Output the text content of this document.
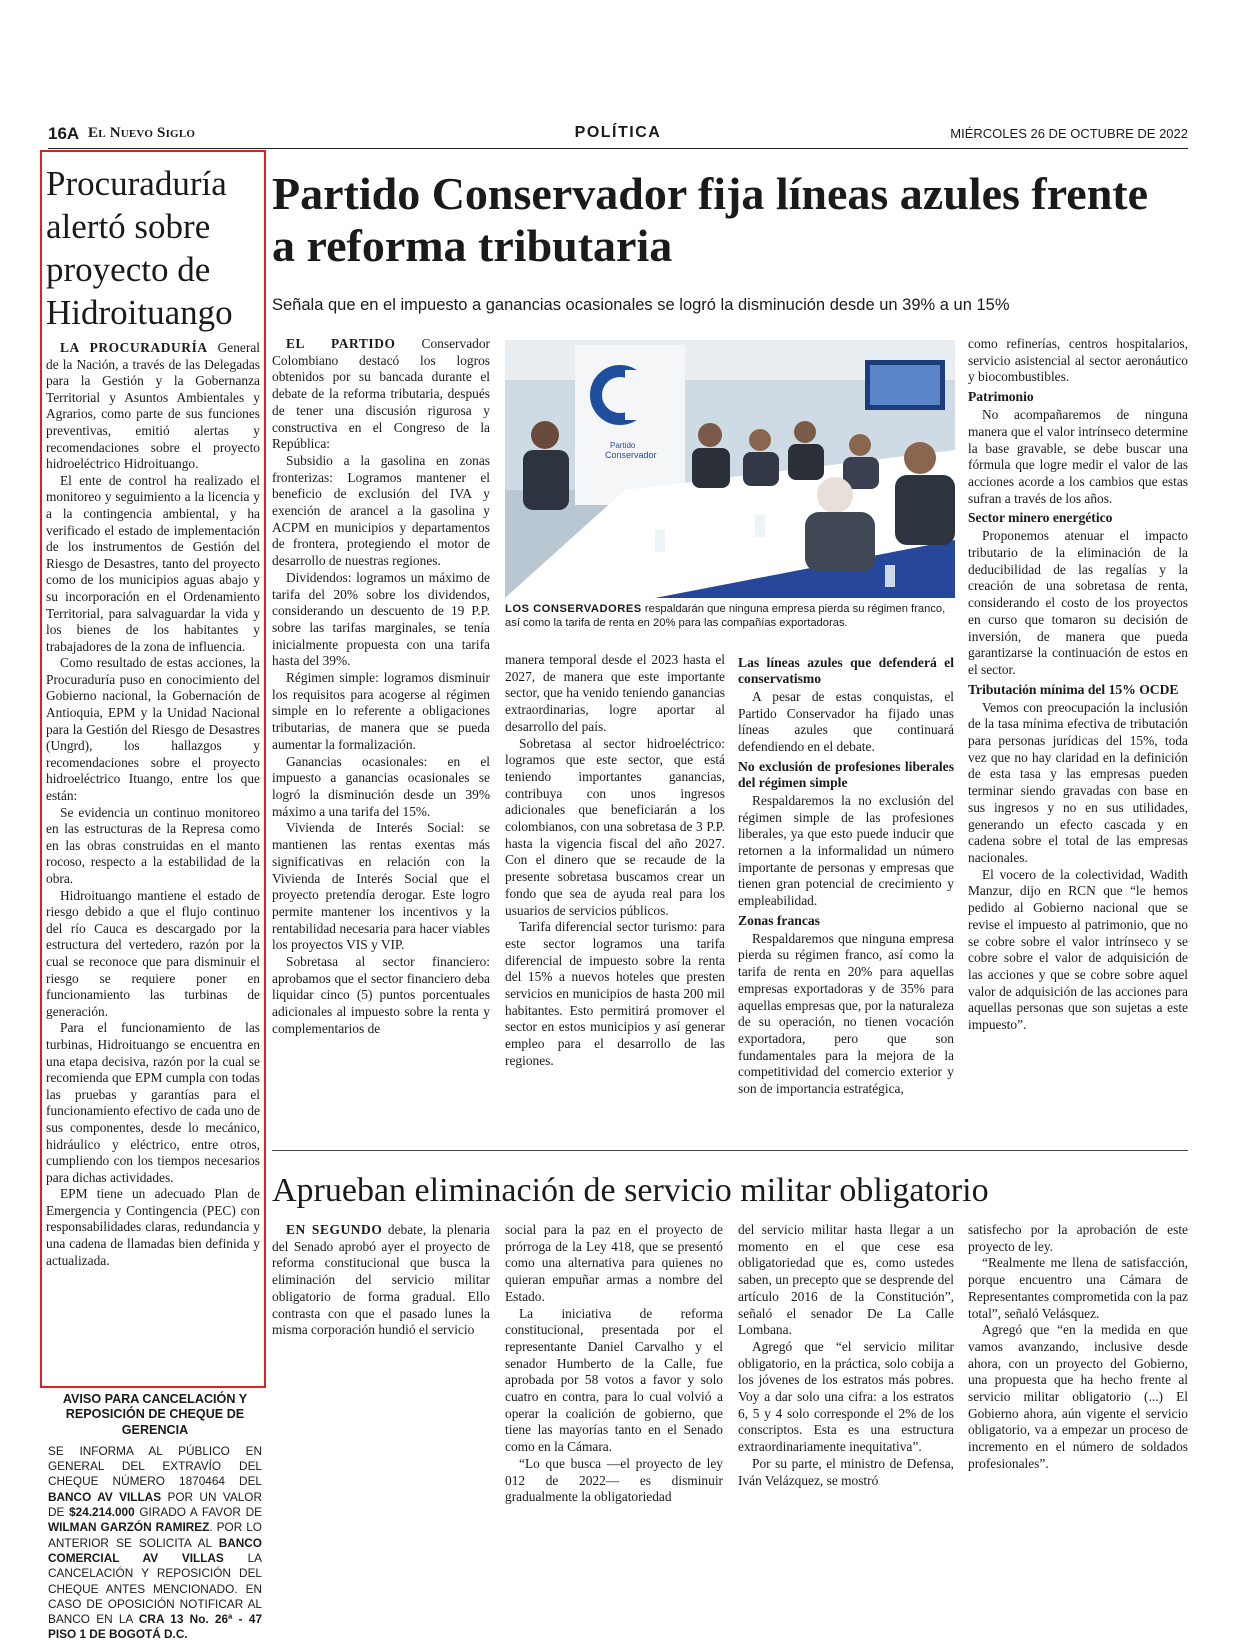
16A El Nuevo Siglo	POLÍTICA	MIÉRCOLES 26 DE OCTUBRE DE 2022
Procuraduría alertó sobre proyecto de Hidroituango

LA PROCURADURÍA General de la Nación, a través de las Delegadas para la Gestión y la Gobernanza Territorial y Asuntos Ambientales y Agrarios, como parte de sus funciones preventivas, emitió alertas y recomendaciones sobre el proyecto hidroeléctrico Hidroituango.

El ente de control ha realizado el monitoreo y seguimiento a la licencia y a la contingencia ambiental, y ha verificado el estado de implementación de los instrumentos de Gestión del Riesgo de Desastres, tanto del proyecto como de los municipios aguas abajo y su incorporación en el Ordenamiento Territorial, para salvaguardar la vida y los bienes de los habitantes y trabajadores de la zona de influencia.

Como resultado de estas acciones, la Procuraduría puso en conocimiento del Gobierno nacional, la Gobernación de Antioquia, EPM y la Unidad Nacional para la Gestión del Riesgo de Desastres (Ungrd), los hallazgos y recomendaciones sobre el proyecto hidroeléctrico Ituango, entre los que están:

Se evidencia un continuo monitoreo en las estructuras de la Represa como en las obras construidas en el manto rocoso, respecto a la estabilidad de la obra.

Hidroituango mantiene el estado de riesgo debido a que el flujo continuo del río Cauca es descargado por la estructura del vertedero, razón por la cual se reconoce que para disminuir el riesgo se requiere poner en funcionamiento las turbinas de generación.

Para el funcionamiento de las turbinas, Hidroituango se encuentra en una etapa decisiva, razón por la cual se recomienda que EPM cumpla con todas las pruebas y garantías para el funcionamiento efectivo de cada uno de sus componentes, desde lo mecánico, hidráulico y eléctrico, entre otros, cumpliendo con los tiempos necesarios para dichas actividades.

EPM tiene un adecuado Plan de Emergencia y Contingencia (PEC) con responsabilidades claras, redundancia y una cadena de llamadas bien definida y actualizada.

Partido Conservador fija líneas azules frente a reforma tributaria
Señala que en el impuesto a ganancias ocasionales se logró la disminución desde un 39% a un 15%

EL PARTIDO Conservador Colombiano destacó los logros obtenidos por su bancada durante el debate de la reforma tributaria, después de tener una discusión rigurosa y constructiva en el Congreso de la República:

Subsidio a la gasolina en zonas fronterizas: Logramos mantener el beneficio de exclusión del IVA y exención de arancel a la gasolina y ACPM en municipios y departamentos de frontera, protegiendo el motor de desarrollo de nuestras regiones.

Dividendos: logramos un máximo de tarifa del 20% sobre los dividendos, considerando un descuento de 19 P.P. sobre las tarifas marginales, se tenía inicialmente propuesta con una tarifa hasta del 39%.

Régimen simple: logramos disminuir los requisitos para acogerse al régimen simple en lo referente a obligaciones tributarias, de manera que se pueda aumentar la formalización.

Ganancias ocasionales: en el impuesto a ganancias ocasionales se logró la disminución desde un 39% máximo a una tarifa del 15%.

Vivienda de Interés Social: se mantienen las rentas exentas más significativas en relación con la Vivienda de Interés Social que el proyecto pretendía derogar. Este logro permite mantener los incentivos y la rentabilidad necesaria para hacer viables los proyectos VIS y VIP.

Sobretasa al sector financiero: aprobamos que el sector financiero deba liquidar cinco (5) puntos porcentuales adicionales al impuesto sobre la renta y complementarios de

Partido
Conservador
LOS CONSERVADORES respaldarán que ninguna empresa pierda su régimen franco, así como la tarifa de renta en 20% para las compañías exportadoras.

manera temporal desde el 2023 hasta el 2027, de manera que este importante sector, que ha venido teniendo ganancias extraordinarias, logre aportar al desarrollo del país.

Sobretasa al sector hidroeléctrico: logramos que este sector, que está teniendo importantes ganancias, contribuya con unos ingresos adicionales que beneficiarán a los colombianos, con una sobretasa de 3 P.P. hasta la vigencia fiscal del año 2027. Con el dinero que se recaude de la presente sobretasa buscamos crear un fondo que sea de ayuda real para los usuarios de servicios públicos.

Tarifa diferencial sector turismo: para este sector logramos una tarifa diferencial de impuesto sobre la renta del 15% a nuevos hoteles que presten servicios en municipios de hasta 200 mil habitantes. Esto permitirá promover el sector en estos municipios y así generar empleo para el desarrollo de las regiones.

Las líneas azules que defenderá el conservatismo

A pesar de estas conquistas, el Partido Conservador ha fijado unas líneas azules que continuará defendiendo en el debate.

No exclusión de profesiones liberales del régimen simple

Respaldaremos la no exclusión del régimen simple de las profesiones liberales, ya que esto puede inducir que retornen a la informalidad un número importante de personas y empresas que tienen gran potencial de crecimiento y empleabilidad.

Zonas francas

Respaldaremos que ninguna empresa pierda su régimen franco, así como la tarifa de renta en 20% para aquellas empresas exportadoras y de 35% para aquellas empresas que, por la naturaleza de su operación, no tienen vocación exportadora, pero que son fundamentales para la mejora de la competitividad del comercio exterior y son de importancia estratégica,

como refinerías, centros hospitalarios, servicio asistencial al sector aeronáutico y biocombustibles.

Patrimonio

No acompañaremos de ninguna manera que el valor intrínseco determine la base gravable, se debe buscar una fórmula que logre medir el valor de las acciones acorde a los cambios que estas sufran a través de los años.

Sector minero energético

Proponemos atenuar el impacto tributario de la eliminación de la deducibilidad de las regalías y la creación de una sobretasa de renta, considerando el costo de los proyectos en curso que tomaron su decisión de inversión, de manera que pueda garantizarse la continuación de estos en el sector.

Tributación mínima del 15% OCDE

Vemos con preocupación la inclusión de la tasa mínima efectiva de tributación para personas jurídicas del 15%, toda vez que no hay claridad en la definición de esta tasa y las empresas pueden terminar siendo gravadas con base en sus ingresos y no en sus utilidades, generando un efecto cascada y en cadena sobre el total de las empresas nacionales.

El vocero de la colectividad, Wadith Manzur, dijo en RCN que “le hemos pedido al Gobierno nacional que se revise el impuesto al patrimonio, que no se cobre sobre el valor intrínseco y se cobre sobre el valor de adquisición de las acciones y que se cobre sobre aquel valor de adquisición de las acciones para aquellas personas que son sujetas a este impuesto”.

Aprueban eliminación de servicio militar obligatorio

EN SEGUNDO debate, la plenaria del Senado aprobó ayer el proyecto de reforma constitucional que busca la eliminación del servicio militar obligatorio de forma gradual. Ello contrasta con que el pasado lunes la misma corporación hundió el servicio

social para la paz en el proyecto de prórroga de la Ley 418, que se presentó como una alternativa para quienes no quieran empuñar armas a nombre del Estado.

La iniciativa de reforma constitucional, presentada por el representante Daniel Carvalho y el senador Humberto de la Calle, fue aprobada por 58 votos a favor y solo cuatro en contra, para lo cual volvió a operar la coalición de gobierno, que tiene las mayorías tanto en el Senado como en la Cámara.

“Lo que busca —el proyecto de ley 012 de 2022— es disminuir gradualmente la obligatoriedad

del servicio militar hasta llegar a un momento en el que cese esa obligatoriedad que es, como ustedes saben, un precepto que se desprende del artículo 2016 de la Constitución”, señaló el senador De La Calle Lombana.

Agregó que “el servicio militar obligatorio, en la práctica, solo cobija a los jóvenes de los estratos más pobres. Voy a dar solo una cifra: a los estratos 6, 5 y 4 solo corresponde el 2% de los conscriptos. Esta es una estructura extraordinariamente inequitativa”.

Por su parte, el ministro de Defensa, Iván Velázquez, se mostró

satisfecho por la aprobación de este proyecto de ley.

“Realmente me llena de satisfacción, porque encuentro una Cámara de Representantes comprometida con la paz total”, señaló Velásquez.

Agregó que “en la medida en que vamos avanzando, inclusive desde ahora, con un proyecto del Gobierno, una propuesta que ha hecho frente al servicio militar obligatorio (...) El Gobierno ahora, aún vigente el servicio obligatorio, va a empezar un proceso de incremento en el número de soldados profesionales”.

AVISO PARA CANCELACIÓN Y REPOSICIÓN DE CHEQUE DE GERENCIA

SE INFORMA AL PÚBLICO EN GENERAL DEL EXTRAVÍO DEL CHEQUE NÚMERO 1870464 DEL BANCO AV VILLAS POR UN VALOR DE $24.214.000 GIRADO A FAVOR DE WILMAN GARZÓN RAMIREZ. POR LO ANTERIOR SE SOLICITA AL BANCO COMERCIAL AV VILLAS LA CANCELACIÓN Y REPOSICIÓN DEL CHEQUE ANTES MENCIONADO. EN CASO DE OPOSICIÓN NOTIFICAR AL BANCO EN LA CRA 13 No. 26ª - 47 PISO 1 DE BOGOTÁ D.C.
